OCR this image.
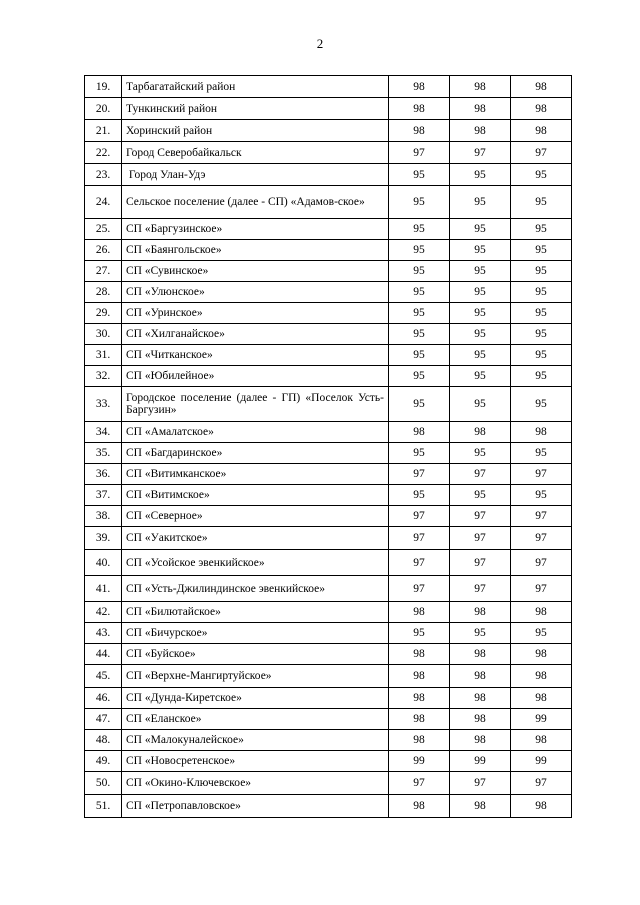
2
19.	Тарбагатайский район	98	98	98
20.	Тункинский район	98	98	98
21.	Хоринский район	98	98	98
22.	Город Северобайкальск	97	97	97
23.	Город Улан-Удэ	95	95	95
24.	Сельское поселение (далее - СП) «Адамов-ское»	95	95	95
25.	СП «Баргузинское»	95	95	95
26.	СП «Баянгольское»	95	95	95
27.	СП «Сувинское»	95	95	95
28.	СП «Улюнское»	95	95	95
29.	СП «Уринское»	95	95	95
30.	СП «Хилганайское»	95	95	95
31.	СП «Читканское»	95	95	95
32.	СП «Юбилейное»	95	95	95
33.	Городское поселение (далее - ГП) «Поселок Усть-Баргузин»	95	95	95
34.	СП «Амалатское»	98	98	98
35.	СП «Багдаринское»	95	95	95
36.	СП «Витимканское»	97	97	97
37.	СП «Витимское»	95	95	95
38.	СП «Северное»	97	97	97
39.	СП «Уакитское»	97	97	97
40.	СП «Усойское эвенкийское»	97	97	97
41.	СП «Усть-Джилиндинское эвенкийское»	97	97	97
42.	СП «Билютайское»	98	98	98
43.	СП «Бичурское»	95	95	95
44.	СП «Буйское»	98	98	98
45.	СП «Верхне-Мангиртуйское»	98	98	98
46.	СП «Дунда-Киретское»	98	98	98
47.	СП «Еланское»	98	98	99
48.	СП «Малокуналейское»	98	98	98
49.	СП «Новосретенское»	99	99	99
50.	СП «Окино-Ключевское»	97	97	97
51.	СП «Петропавловское»	98	98	98
